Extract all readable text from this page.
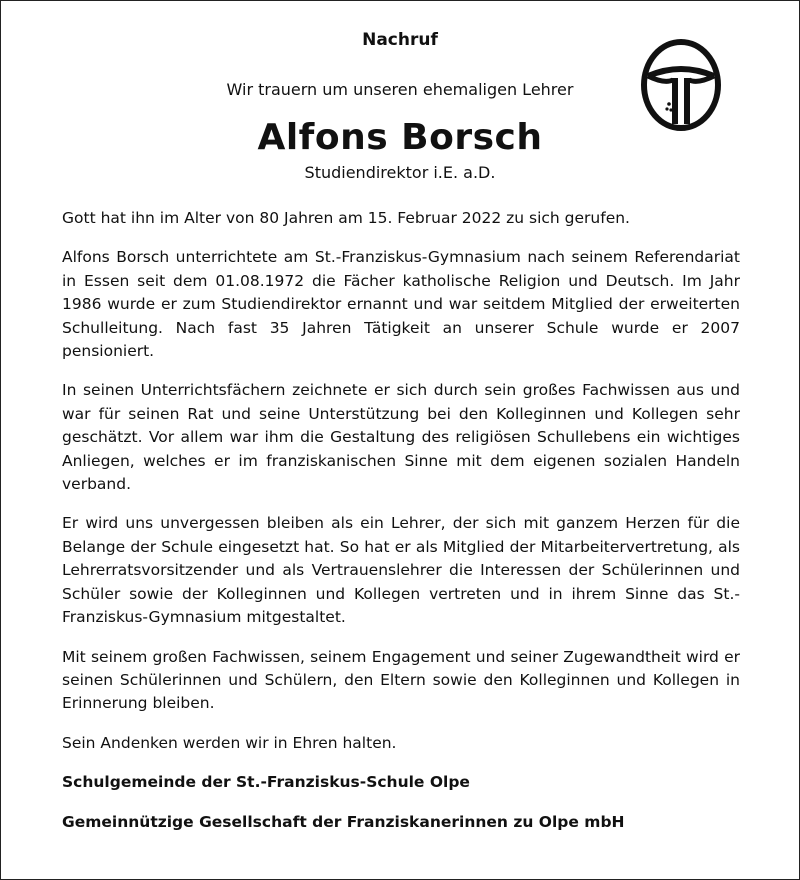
Nachruf
Wir trauern um unseren ehemaligen Lehrer
Alfons Borsch
Studiendirektor i.E. a.D.

Gott hat ihn im Alter von 80 Jahren am 15. Februar 2022 zu sich gerufen.

Alfons Borsch unterrichtete am St.-Franziskus-Gymnasium nach seinem Referendariat in Essen seit dem 01.08.1972 die Fächer katholische Religion und Deutsch. Im Jahr 1986 wurde er zum Studiendirektor ernannt und war seitdem Mitglied der erweiterten Schulleitung. Nach fast 35 Jahren Tätigkeit an unserer Schule wurde er 2007 pensioniert.

In seinen Unterrichtsfächern zeichnete er sich durch sein großes Fachwissen aus und war für seinen Rat und seine Unterstützung bei den Kolleginnen und Kollegen sehr geschätzt. Vor allem war ihm die Gestaltung des religiösen Schullebens ein wichtiges Anliegen, welches er im franziskanischen Sinne mit dem eigenen sozialen Handeln verband.

Er wird uns unvergessen bleiben als ein Lehrer, der sich mit ganzem Herzen für die Belange der Schule eingesetzt hat. So hat er als Mitglied der Mitarbeitervertretung, als Lehrerratsvorsitzender und als Vertrauenslehrer die Interessen der Schülerinnen und Schüler sowie der Kolleginnen und Kollegen vertreten und in ihrem Sinne das St.-Franziskus-Gymnasium mitgestaltet.

Mit seinem großen Fachwissen, seinem Engagement und seiner Zugewandtheit wird er seinen Schülerinnen und Schülern, den Eltern sowie den Kolleginnen und Kollegen in Erinnerung bleiben.

Sein Andenken werden wir in Ehren halten.

Schulgemeinde der St.-Franziskus-Schule Olpe

Gemeinnützige Gesellschaft der Franziskanerinnen zu Olpe mbH
